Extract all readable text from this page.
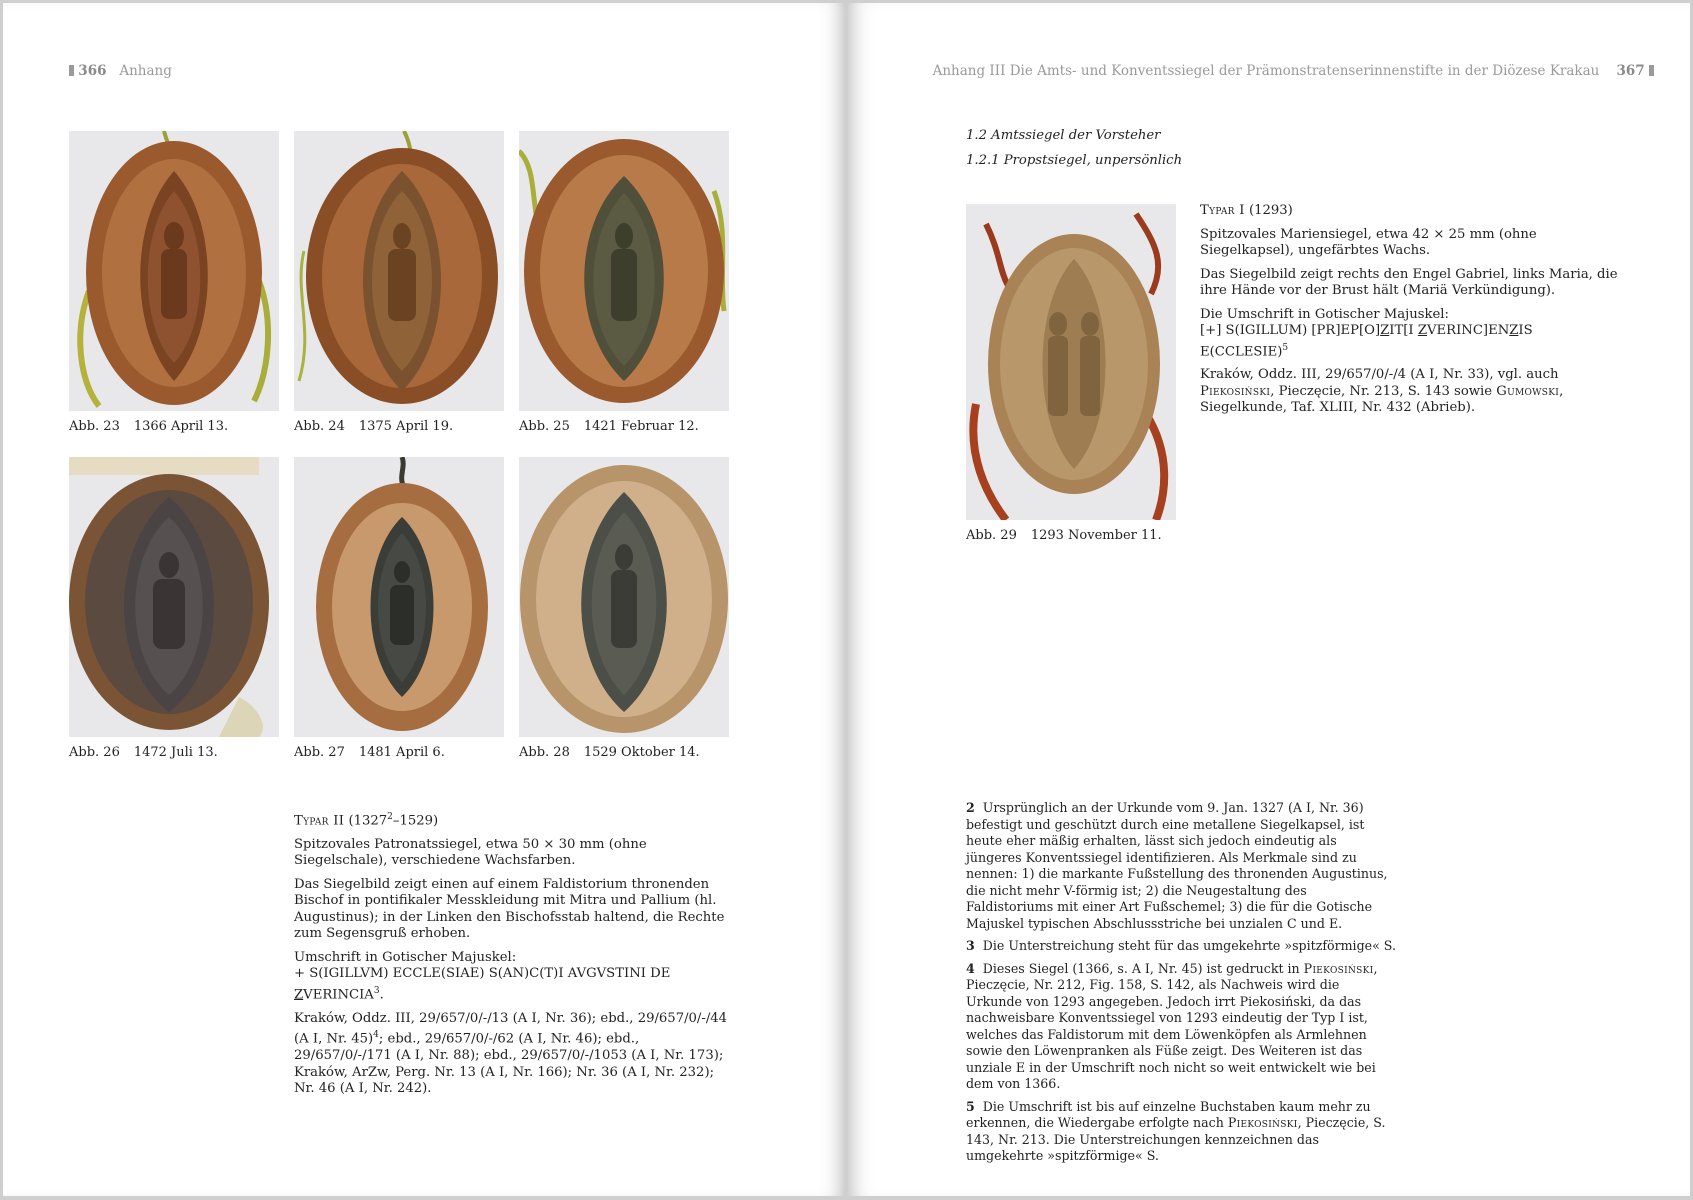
366 Anhang
Abb. 23 1366 April 13.	Abb. 24 1375 April 19.	Abb. 25 1421 Februar 12.
Abb. 26 1472 Juli 13.	Abb. 27 1481 April 6.	Abb. 28 1529 Oktober 14.

Typar II (1327$^2$–1529)

Spitzovales Patronatssiegel, etwa 50 × 30 mm (ohne Siegelschale), verschiedene Wachsfarben.

Das Siegelbild zeigt einen auf einem Faldistorium thronenden Bischof in pontifikaler Messkleidung mit Mitra und Pallium (hl. Augustinus); in der Linken den Bischofsstab haltend, die Rechte zum Segensgruß erhoben.

Umschrift in Gotischer Majuskel:
+ S(IGILLVM) ECCLE(SIAE) S(AN)C(T)I AVGVSTINI DE ZVERINCIA$^3$.

Kraków, Oddz. III, 29/657/0/-/13 (A I, Nr. 36); ebd., 29/657/0/-/44 (A I, Nr. 45)$^4$; ebd., 29/657/0/-/62 (A I, Nr. 46); ebd., 29/657/0/-/171 (A I, Nr. 88); ebd., 29/657/0/-/1053 (A I, Nr. 173); Kraków, ArZw, Perg. Nr. 13 (A I, Nr. 166); Nr. 36 (A I, Nr. 232); Nr. 46 (A I, Nr. 242).

Anhang III Die Amts- und Konventssiegel der Prämonstratenserinnenstifte in der Diözese Krakau 367
1.2 Amtssiegel der Vorsteher
1.2.1 Propstsiegel, unpersönlich
Abb. 29 1293 November 11.

Typar I (1293)

Spitzovales Mariensiegel, etwa 42 × 25 mm (ohne Siegelkapsel), ungefärbtes Wachs.

Das Siegelbild zeigt rechts den Engel Gabriel, links Maria, die ihre Hände vor der Brust hält (Mariä Verkündigung).

Die Umschrift in Gotischer Majuskel:
[+] S(IGILLUM) [PR]EP[O]ZIT[I ZVERINC]ENZIS E(CCLESIE)$^5$

Kraków, Oddz. III, 29/657/0/-/4 (A I, Nr. 33), vgl. auch Piekosiński, Pieczęcie, Nr. 213, S. 143 sowie Gumowski, Siegelkunde, Taf. XLIII, Nr. 432 (Abrieb).

2 Ursprünglich an der Urkunde vom 9. Jan. 1327 (A I, Nr. 36) befestigt und geschützt durch eine metallene Siegelkapsel, ist heute eher mäßig erhalten, lässt sich jedoch eindeutig als jüngeres Konventssiegel identifizieren. Als Merkmale sind zu nennen: 1) die markante Fußstellung des thronenden Augustinus, die nicht mehr V-förmig ist; 2) die Neugestaltung des Faldistoriums mit einer Art Fußschemel; 3) die für die Gotische Majuskel typischen Abschlussstriche bei unzialen C und E.

3 Die Unterstreichung steht für das umgekehrte »spitzförmige« S.

4 Dieses Siegel (1366, s. A I, Nr. 45) ist gedruckt in Piekosiński, Pieczęcie, Nr. 212, Fig. 158, S. 142, als Nachweis wird die Urkunde von 1293 angegeben. Jedoch irrt Piekosiński, da das nachweisbare Konventssiegel von 1293 eindeutig der Typ I ist, welches das Faldistorum mit dem Löwenköpfen als Armlehnen sowie den Löwenpranken als Füße zeigt. Des Weiteren ist das unziale E in der Umschrift noch nicht so weit entwickelt wie bei dem von 1366.

5 Die Umschrift ist bis auf einzelne Buchstaben kaum mehr zu erkennen, die Wiedergabe erfolgte nach Piekosiński, Pieczęcie, S. 143, Nr. 213. Die Unterstreichungen kennzeichnen das umgekehrte »spitzförmige« S.
